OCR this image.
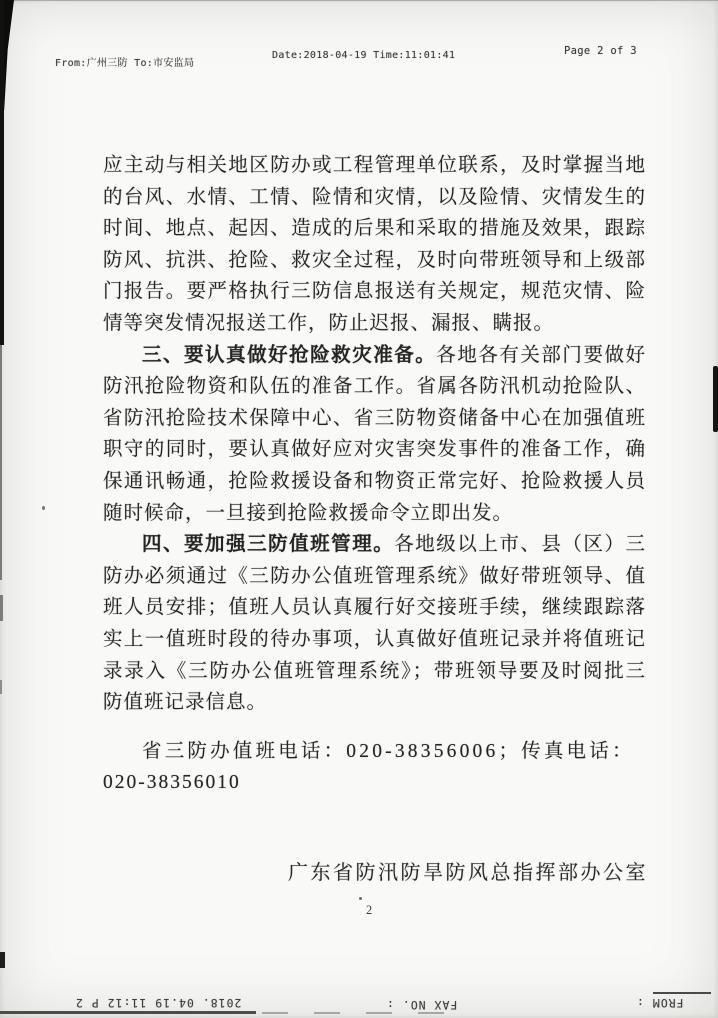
From:广州三防 To:市安监局
Date:2018-04-19 Time:11:01:41	Page 2 of 3

应主动与相关地区防办或工程管理单位联系，及时掌握当地的台风、水情、工情、险情和灾情，以及险情、灾情发生的时间、地点、起因、造成的后果和采取的措施及效果，跟踪防风、抗洪、抢险、救灾全过程，及时向带班领导和上级部门报告。要严格执行三防信息报送有关规定，规范灾情、险情等突发情况报送工作，防止迟报、漏报、瞒报。

三、要认真做好抢险救灾准备。各地各有关部门要做好防汛抢险物资和队伍的准备工作。省属各防汛机动抢险队、省防汛抢险技术保障中心、省三防物资储备中心在加强值班职守的同时，要认真做好应对灾害突发事件的准备工作，确保通讯畅通，抢险救援设备和物资正常完好、抢险救援人员随时候命，一旦接到抢险救援命令立即出发。

四、要加强三防值班管理。各地级以上市、县（区）三防办必须通过《三防办公值班管理系统》做好带班领导、值班人员安排；值班人员认真履行好交接班手续，继续跟踪落实上一值班时段的待办事项，认真做好值班记录并将值班记录录入《三防办公值班管理系统》；带班领导要及时阅批三防值班记录信息。

省三防办值班电话：020-38356006；传真电话：
020-38356010
广东省防汛防旱防风总指挥部办公室
2
2018. 04.19 11:12 P 2	FAX NO. :	FROM :
